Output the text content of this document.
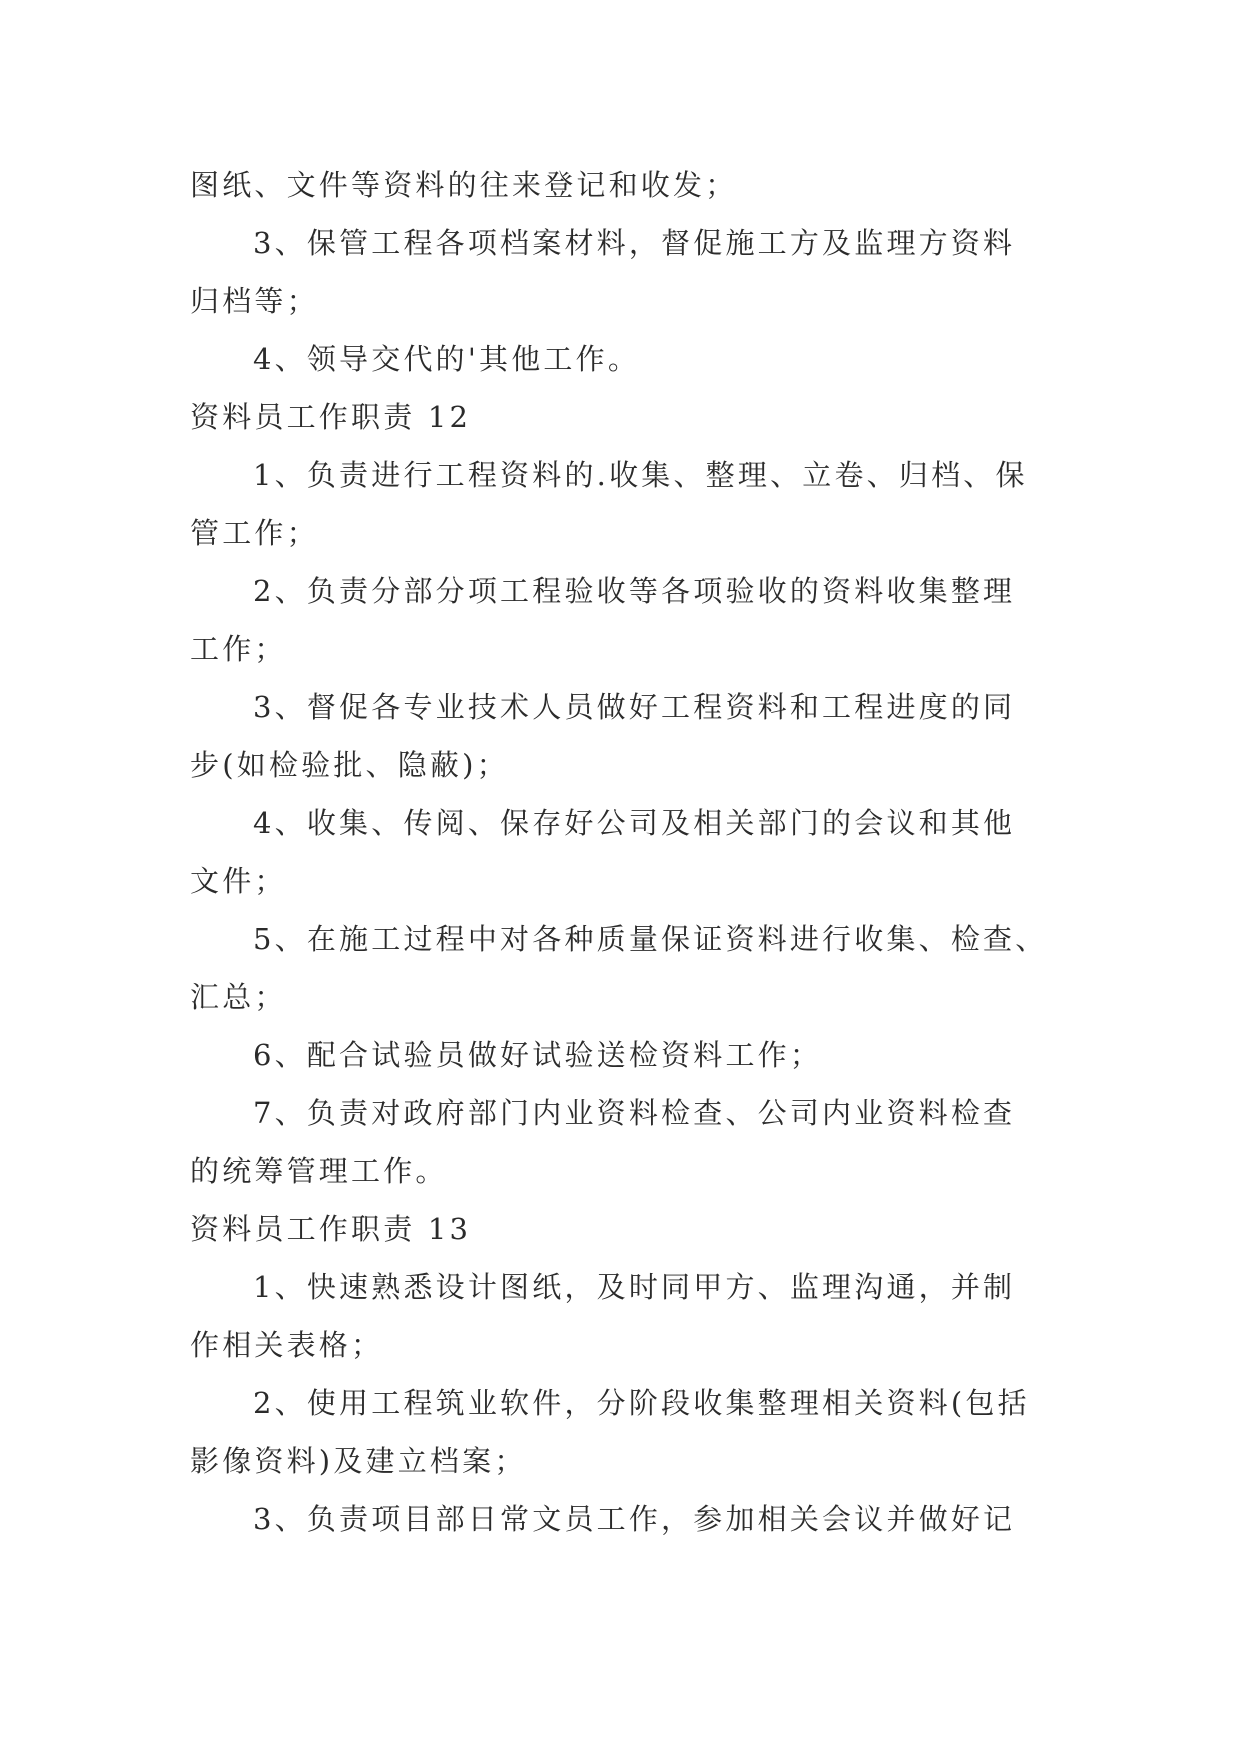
图纸、文件等资料的往来登记和收发；
3、保管工程各项档案材料，督促施工方及监理方资料
归档等；
4、领导交代的'其他工作。
资料员工作职责 12
1、负责进行工程资料的.收集、整理、立卷、归档、保
管工作；
2、负责分部分项工程验收等各项验收的资料收集整理
工作；
3、督促各专业技术人员做好工程资料和工程进度的同
步(如检验批、隐蔽)；
4、收集、传阅、保存好公司及相关部门的会议和其他
文件；
5、在施工过程中对各种质量保证资料进行收集、检查、
汇总；
6、配合试验员做好试验送检资料工作；
7、负责对政府部门内业资料检查、公司内业资料检查
的统筹管理工作。
资料员工作职责 13
1、快速熟悉设计图纸，及时同甲方、监理沟通，并制
作相关表格；
2、使用工程筑业软件，分阶段收集整理相关资料(包括
影像资料)及建立档案；
3、负责项目部日常文员工作，参加相关会议并做好记
